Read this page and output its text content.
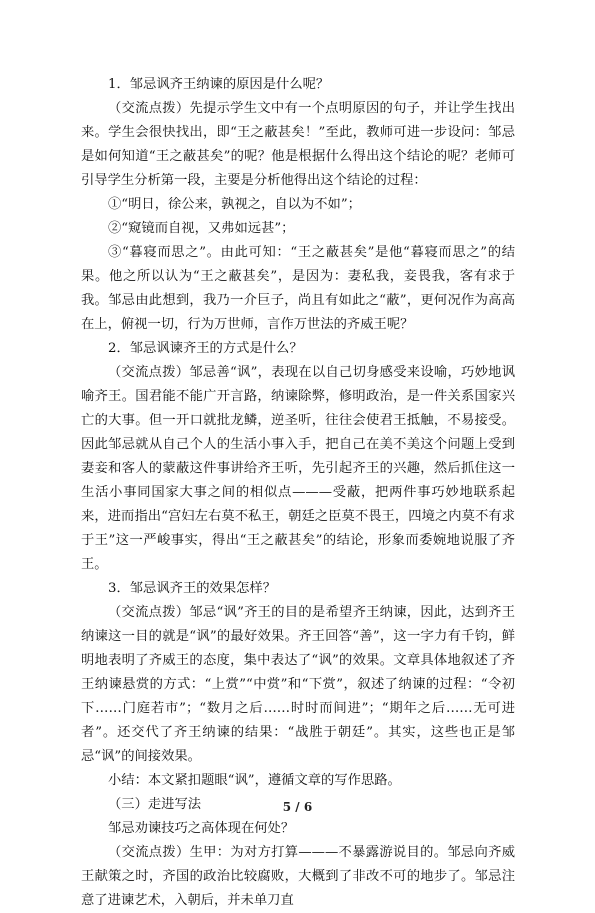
1．邹忌讽齐王纳谏的原因是什么呢？

（交流点拨）先提示学生文中有一个点明原因的句子，并让学生找出来。学生会很快找出，即“王之蔽甚矣！”至此，教师可进一步设问：邹忌是如何知道“王之蔽甚矣”的呢？他是根据什么得出这个结论的呢？老师可引导学生分析第一段，主要是分析他得出这个结论的过程：

①“明日，徐公来，孰视之，自以为不如”；

②“窥镜而自视，又弗如远甚”；

③“暮寝而思之”。由此可知：“王之蔽甚矣”是他“暮寝而思之”的结果。他之所以认为“王之蔽甚矣”，是因为：妻私我，妾畏我，客有求于我。邹忌由此想到，我乃一介巨子，尚且有如此之“蔽”，更何况作为高高在上，俯视一切，行为万世师，言作万世法的齐威王呢？

2．邹忌讽谏齐王的方式是什么？

（交流点拨）邹忌善“讽”，表现在以自己切身感受来设喻，巧妙地讽喻齐王。国君能不能广开言路，纳谏除弊，修明政治，是一件关系国家兴亡的大事。但一开口就批龙鳞，逆圣听，往往会使君王抵触，不易接受。因此邹忌就从自己个人的生活小事入手，把自己在美不美这个问题上受到妻妾和客人的蒙蔽这件事讲给齐王听，先引起齐王的兴趣，然后抓住这一生活小事同国家大事之间的相似点———受蔽，把两件事巧妙地联系起来，进而指出“宫妇左右莫不私王，朝廷之臣莫不畏王，四境之内莫不有求于王”这一严峻事实，得出“王之蔽甚矣”的结论，形象而委婉地说服了齐王。

3．邹忌讽齐王的效果怎样？

（交流点拨）邹忌“讽”齐王的目的是希望齐王纳谏，因此，达到齐王纳谏这一目的就是“讽”的最好效果。齐王回答“善”，这一字力有千钧，鲜明地表明了齐威王的态度，集中表达了“讽”的效果。文章具体地叙述了齐王纳谏悬赏的方式：“上赏”“中赏”和“下赏”，叙述了纳谏的过程：“令初下……门庭若市”；“数月之后……时时而间进”；“期年之后……无可进者”。还交代了齐王纳谏的结果：“战胜于朝廷”。其实，这些也正是邹忌“讽”的间接效果。

小结：本文紧扣题眼“讽”，遵循文章的写作思路。

（三）走进写法

邹忌劝谏技巧之高体现在何处？

（交流点拨）生甲：为对方打算———不暴露游说目的。邹忌向齐威王献策之时，齐国的政治比较腐败，大概到了非改不可的地步了。邹忌注意了进谏艺术，入朝后，并未单刀直

5 / 6
